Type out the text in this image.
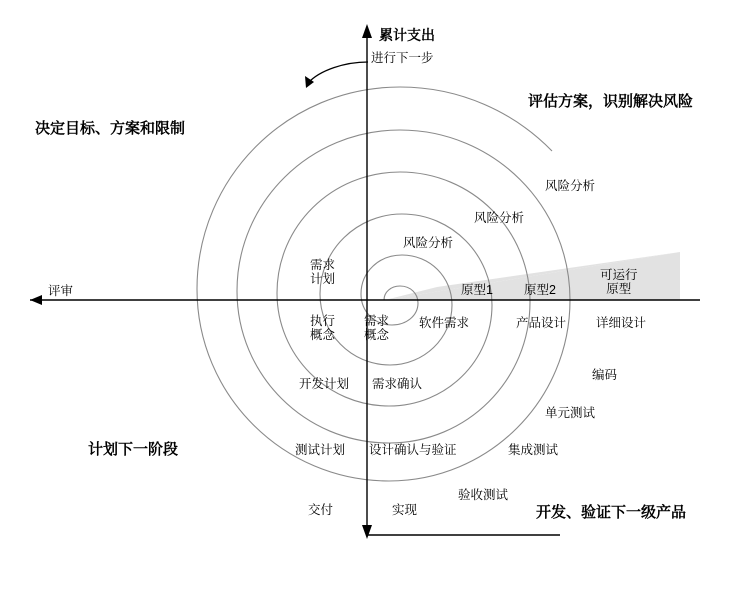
累计支出
进行下一步
评审
决定目标、方案和限制
评估方案，识别解决风险
计划下一阶段
开发、验证下一级产品
风险分析
风险分析
风险分析
原型1 原型2
可运行
原型
需求
计划
执行
概念
需求
概念
软件需求	产品设计 详细设计
开发计划 需求确认
编码
单元测试
测试计划 设计确认与验证	集成测试
交付	实现
验收测试
